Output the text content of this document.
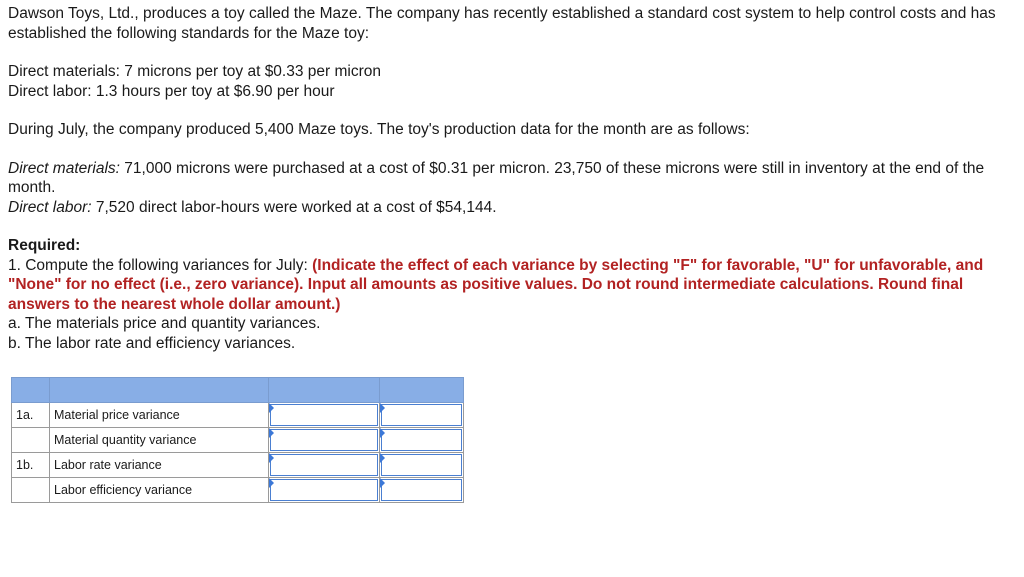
Dawson Toys, Ltd., produces a toy called the Maze. The company has recently established a standard cost system to help control costs and has established the following standards for the Maze toy:

Direct materials: 7 microns per toy at $0.33 per micron

Direct labor: 1.3 hours per toy at $6.90 per hour

During July, the company produced 5,400 Maze toys. The toy's production data for the month are as follows:

Direct materials: 71,000 microns were purchased at a cost of $0.31 per micron. 23,750 of these microns were still in inventory at the end of the month.

Direct labor: 7,520 direct labor-hours were worked at a cost of $54,144.

Required:

1. Compute the following variances for July: (Indicate the effect of each variance by selecting "F" for favorable, "U" for unfavorable, and "None" for no effect (i.e., zero variance). Input all amounts as positive values. Do not round intermediate calculations. Round final answers to the nearest whole dollar amount.)

a. The materials price and quantity variances.

b. The labor rate and efficiency variances.

1a.	Material price variance	

	Material quantity variance	

1b.	Labor rate variance	

	Labor efficiency variance	
